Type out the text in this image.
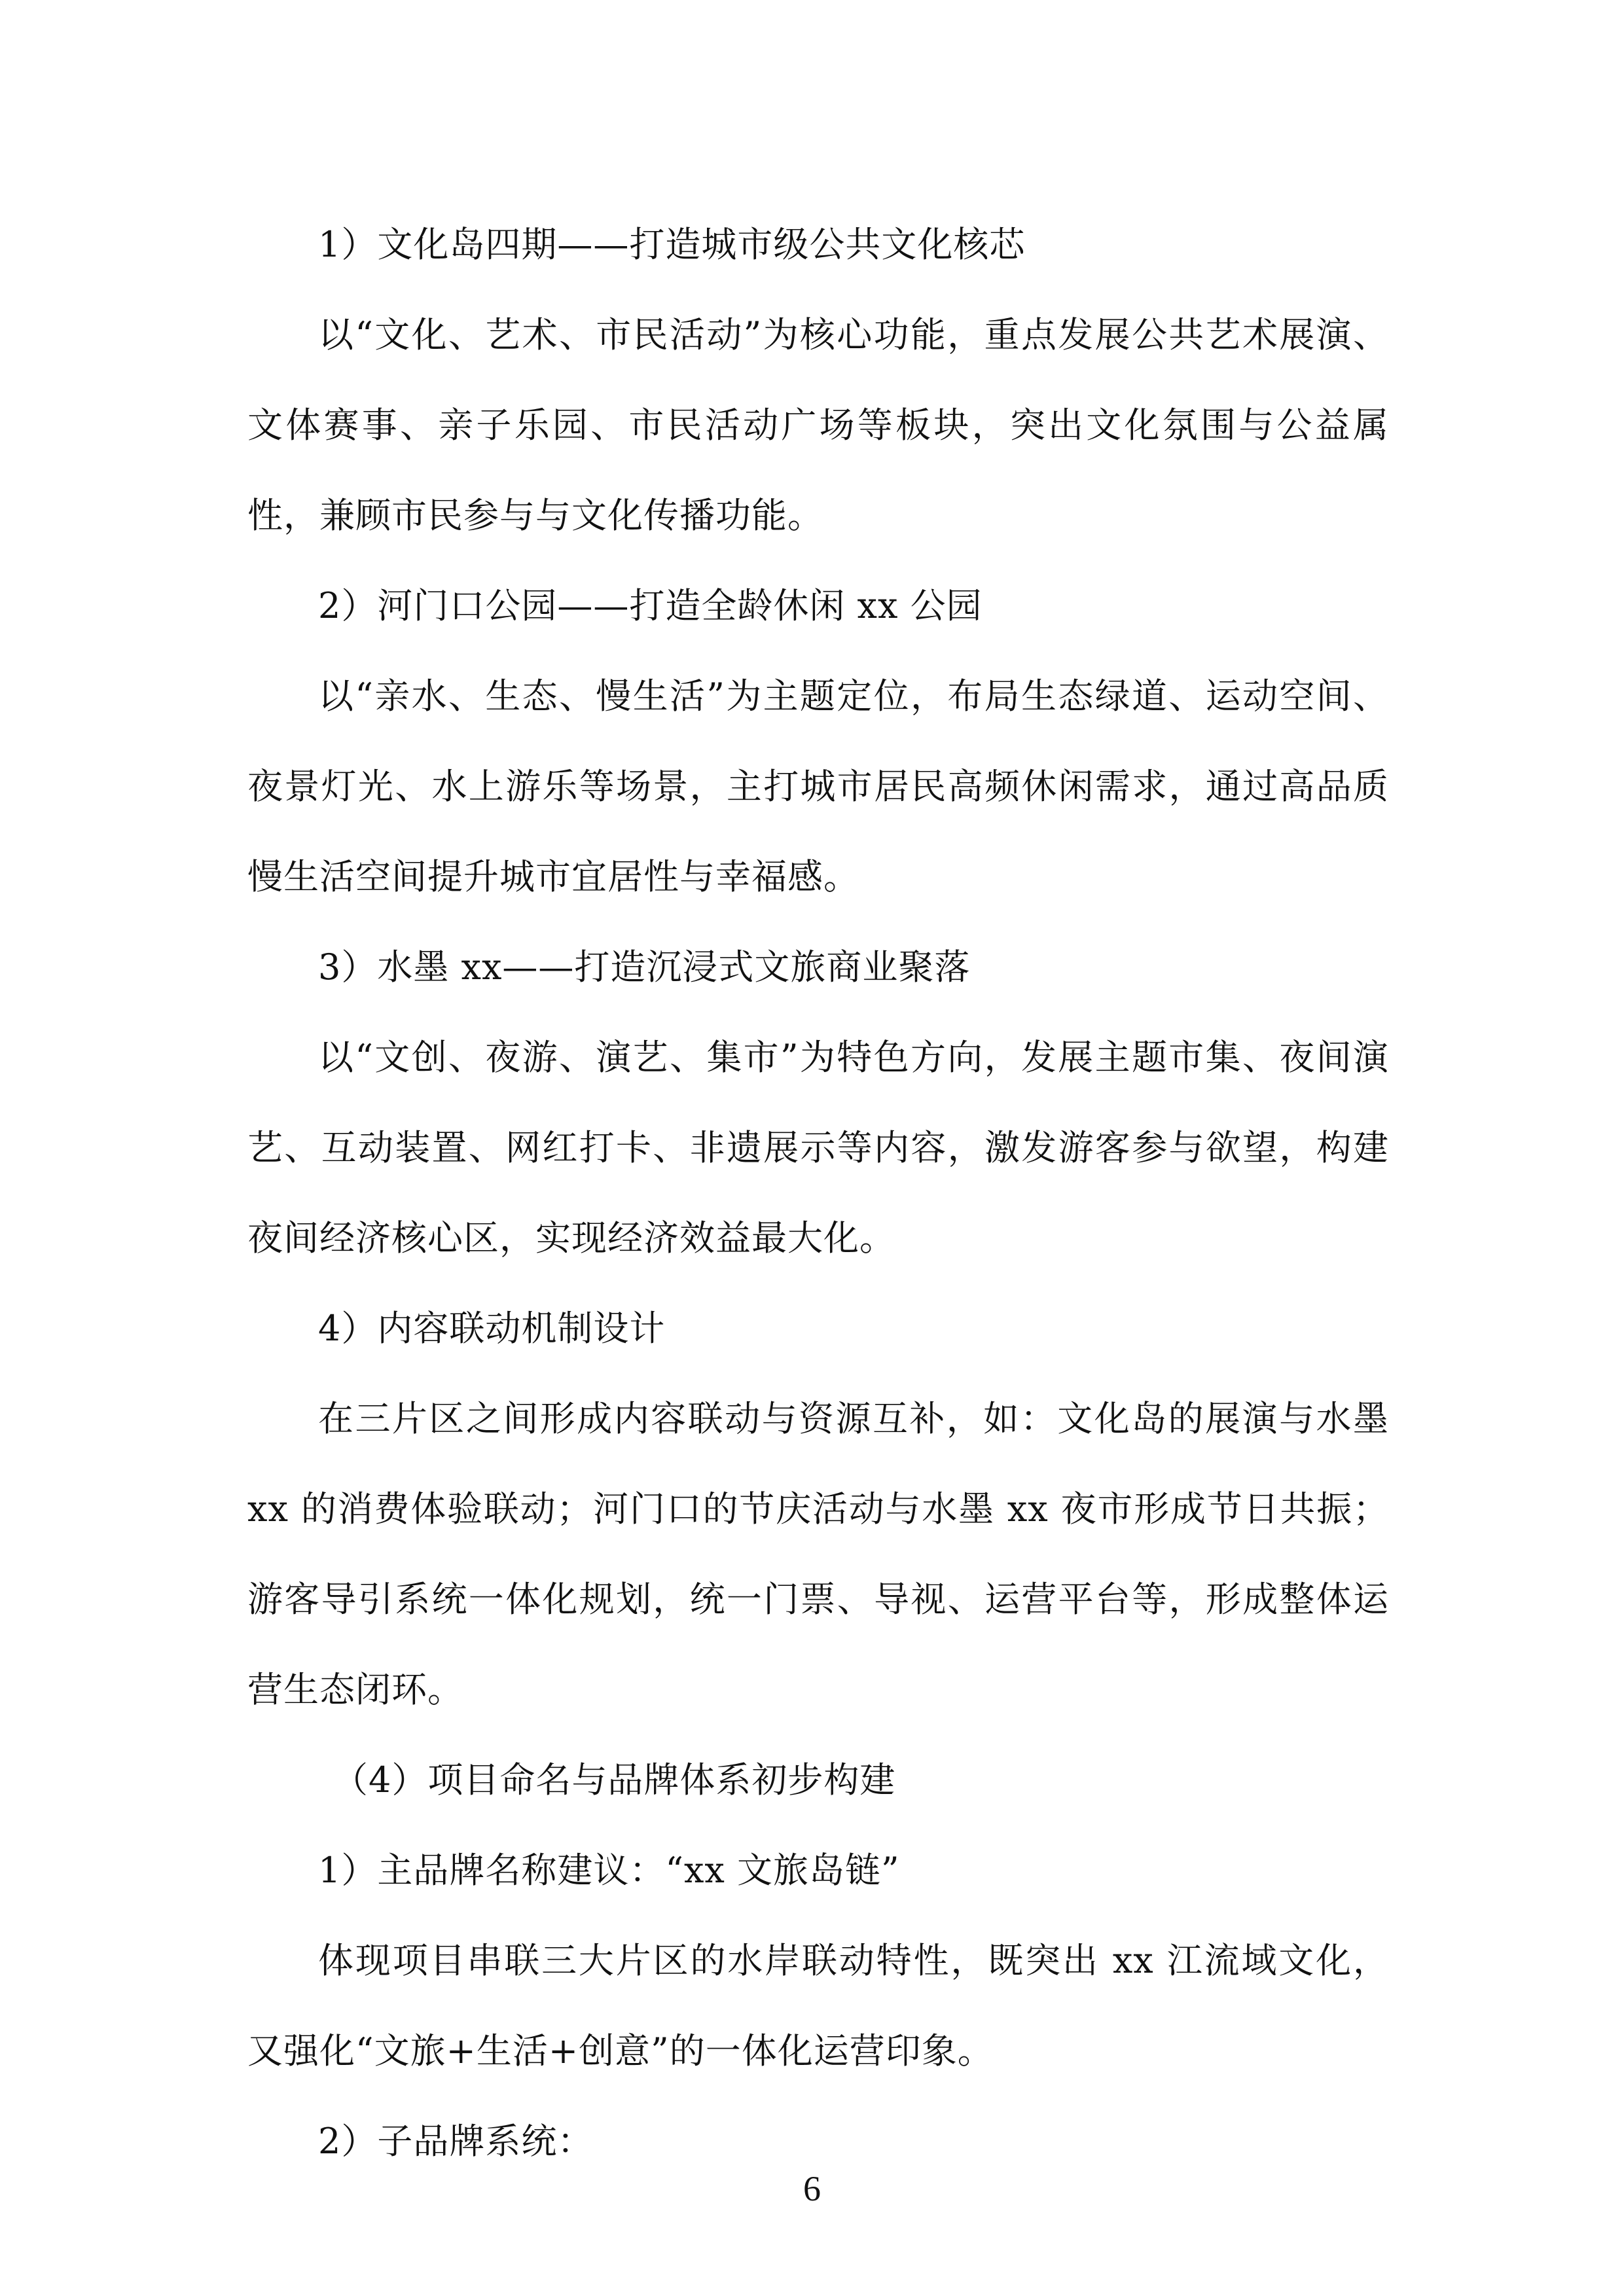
1）文化岛四期——打造城市级公共文化核芯

以“文化、艺术、市民活动”为核心功能，重点发展公共艺术展演、文体赛事、亲子乐园、市民活动广场等板块，突出文化氛围与公益属性，兼顾市民参与与文化传播功能。

2）河门口公园——打造全龄休闲 xx 公园

以“亲水、生态、慢生活”为主题定位，布局生态绿道、运动空间、夜景灯光、水上游乐等场景，主打城市居民高频休闲需求，通过高品质慢生活空间提升城市宜居性与幸福感。

3）水墨 xx——打造沉浸式文旅商业聚落

以“文创、夜游、演艺、集市”为特色方向，发展主题市集、夜间演艺、互动装置、网红打卡、非遗展示等内容，激发游客参与欲望，构建夜间经济核心区，实现经济效益最大化。

4）内容联动机制设计

在三片区之间形成内容联动与资源互补，如：文化岛的展演与水墨 xx 的消费体验联动；河门口的节庆活动与水墨 xx 夜市形成节日共振；游客导引系统一体化规划，统一门票、导视、运营平台等，形成整体运营生态闭环。

（4）项目命名与品牌体系初步构建

1）主品牌名称建议：“xx 文旅岛链”

体现项目串联三大片区的水岸联动特性，既突出 xx 江流域文化，又强化“文旅+生活+创意”的一体化运营印象。

2）子品牌系统：

6
